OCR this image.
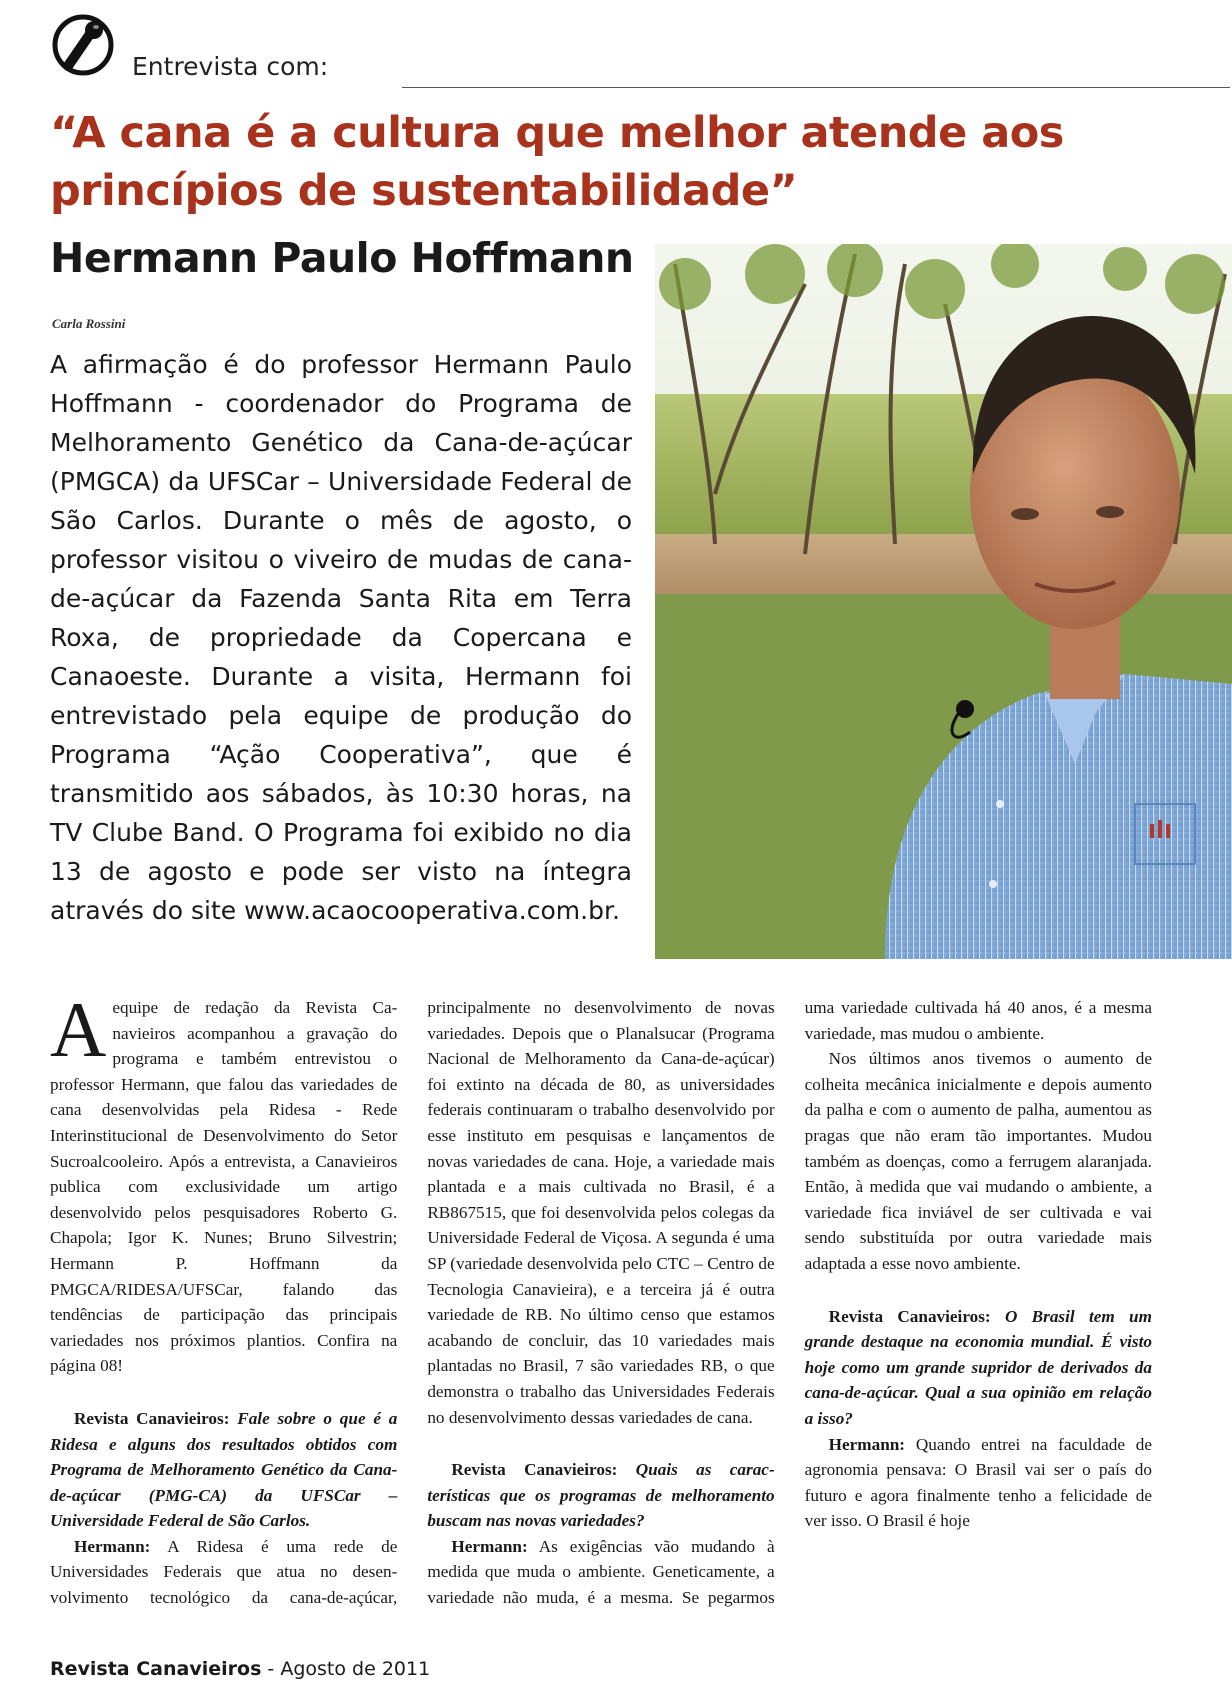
Entrevista com:
“A cana é a cultura que melhor atende aos princípios de sustentabilidade”
Hermann Paulo Hoffmann
Carla Rossini
A afirmação é do professor Hermann Paulo Hoffmann - coordenador do Programa de Melhoramento Genético da Cana-de-açúcar (PMGCA) da UFSCar – Universidade Federal de São Carlos. Durante o mês de agosto, o professor visitou o viveiro de mudas de cana-de-açúcar da Fazenda Santa Rita em Terra Roxa, de propriedade da Copercana e Canaoeste. Durante a visita, Hermann foi entrevistado pela equipe de produção do Programa “Ação Cooperativa”, que é transmitido aos sábados, às 10:30 horas, na TV Clube Band. O Programa foi exibido no dia 13 de agosto e pode ser visto na íntegra através do site www.acaocooperativa.com.br.

Aequipe de redação da Revista Canavieiros acompanhou a gravação do programa e também entrevistou o professor Hermann, que falou das variedades de cana desenvolvidas pela Ridesa - Rede Interinstitucional de Desenvolvimento do Setor Sucroalcooleiro. Após a entrevista, a Canavieiros publica com exclusividade um artigo desenvolvido pelos pesquisadores Roberto G. Chapola; Igor K. Nunes; Bruno Silvestrin; Hermann P. Hoffmann da PMGCA/RIDESA/UFSCar, falando das tendências de participação das principais variedades nos próximos plantios. Confira na página 08!

Revista Canavieiros: Fale sobre o que é a Ridesa e alguns dos resultados obtidos com Programa de Melhoramento Genético da Cana-de-açúcar (PMG-CA) da UFSCar – Universidade Federal de São Carlos.

Hermann: A Ridesa é uma rede de Universidades Federais que atua no desenvolvimento tecnológico da cana-de-açúcar, principalmente no desenvolvimento de novas variedades. Depois que o Planalsucar (Programa Nacional de Melhoramento da Cana-de-açúcar) foi extinto na década de 80, as universidades federais continuaram o trabalho desenvolvido por esse instituto em pesquisas e lançamentos de novas variedades de cana. Hoje, a variedade mais plantada e a mais cultivada no Brasil, é a RB867515, que foi desenvolvida pelos colegas da Universidade Federal de Viçosa. A segunda é uma SP (variedade desenvolvida pelo CTC – Centro de Tecnologia Canavieira), e a terceira já é outra variedade de RB. No último censo que estamos acabando de concluir, das 10 variedades mais plantadas no Brasil, 7 são variedades RB, o que demonstra o trabalho das Universidades Federais no desenvolvimento dessas variedades de cana.

Revista Canavieiros: Quais as características que os programas de melhoramento buscam nas novas variedades?

Hermann: As exigências vão mudando à medida que muda o ambiente. Geneticamente, a variedade não muda, é a mesma. Se pegarmos uma variedade cultivada há 40 anos, é a mesma variedade, mas mudou o ambiente.

Nos últimos anos tivemos o aumento de colheita mecânica inicialmente e depois aumento da palha e com o aumento de palha, aumentou as pragas que não eram tão importantes. Mudou também as doenças, como a ferrugem alaranjada. Então, à medida que vai mudando o ambiente, a variedade fica inviável de ser cultivada e vai sendo substituída por outra variedade mais adaptada a esse novo ambiente.

Revista Canavieiros: O Brasil tem um grande destaque na economia mundial. É visto hoje como um grande supridor de derivados da cana-de-açúcar. Qual a sua opinião em relação a isso?

Hermann: Quando entrei na faculdade de agronomia pensava: O Brasil vai ser o país do futuro e agora finalmente tenho a felicidade de ver isso. O Brasil é hoje

Revista Canavieiros - Agosto de 2011
